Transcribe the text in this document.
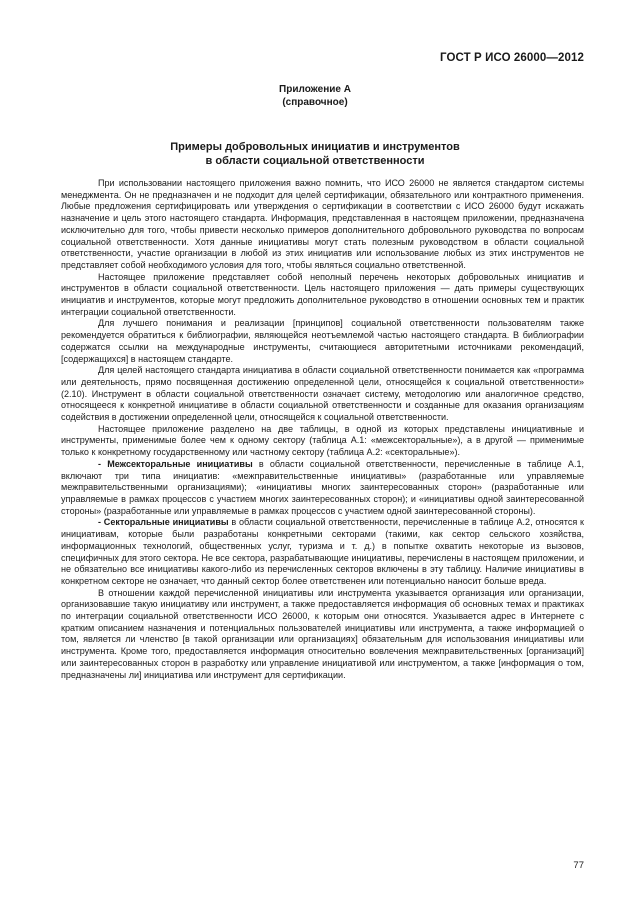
ГОСТ Р ИСО 26000—2012
Приложение А
(справочное)
Примеры добровольных инициатив и инструментов
в области социальной ответственности

При использовании настоящего приложения важно помнить, что ИСО 26000 не является стандартом системы менеджмента. Он не предназначен и не подходит для целей сертификации, обязательного или контрактного применения. Любые предложения сертифицировать или утверждения о сертификации в соответствии с ИСО 26000 будут искажать назначение и цель этого настоящего стандарта. Информация, представленная в настоящем приложении, предназначена исключительно для того, чтобы привести несколько примеров дополнительного добровольного руководства по вопросам социальной ответственности. Хотя данные инициативы могут стать полезным руководством в области социальной ответственности, участие организации в любой из этих инициатив или использование любых из этих инструментов не представляет собой необходимого условия для того, чтобы являться социально ответственной.

Настоящее приложение представляет собой неполный перечень некоторых добровольных инициатив и инструментов в области социальной ответственности. Цель настоящего приложения — дать примеры существующих инициатив и инструментов, которые могут предложить дополнительное руководство в отношении основных тем и практик интеграции социальной ответственности.

Для лучшего понимания и реализации [принципов] социальной ответственности пользователям также рекомендуется обратиться к библиографии, являющейся неотъемлемой частью настоящего стандарта. В библиографии содержатся ссылки на международные инструменты, считающиеся авторитетными источниками рекомендаций, [содержащихся] в настоящем стандарте.

Для целей настоящего стандарта инициатива в области социальной ответственности понимается как «программа или деятельность, прямо посвященная достижению определенной цели, относящейся к социальной ответственности» (2.10). Инструмент в области социальной ответственности означает систему, методологию или аналогичное средство, относящееся к конкретной инициативе в области социальной ответственности и созданные для оказания организациям содействия в достижении определенной цели, относящейся к социальной ответственности.

Настоящее приложение разделено на две таблицы, в одной из которых представлены инициативные и инструменты, применимые более чем к одному сектору (таблица А.1: «межсекторальные»), а в другой — применимые только к конкретному государственному или частному сектору (таблица А.2: «секторальные»).

- Межсекторальные инициативы в области социальной ответственности, перечисленные в таблице А.1, включают три типа инициатив: «межправительственные инициативы» (разработанные или управляемые межправительственными организациями); «инициативы многих заинтересованных сторон» (разработанные или управляемые в рамках процессов с участием многих заинтересованных сторон); и «инициативы одной заинтересованной стороны» (разработанные или управляемые в рамках процессов с участием одной заинтересованной стороны).

- Секторальные инициативы в области социальной ответственности, перечисленные в таблице А.2, относятся к инициативам, которые были разработаны конкретными секторами (такими, как сектор сельского хозяйства, информационных технологий, общественных услуг, туризма и т. д.) в попытке охватить некоторые из вызовов, специфичных для этого сектора. Не все сектора, разрабатывающие инициативы, перечислены в настоящем приложении, и не обязательно все инициативы какого-либо из перечисленных секторов включены в эту таблицу. Наличие инициативы в конкретном секторе не означает, что данный сектор более ответственен или потенциально наносит больше вреда.

В отношении каждой перечисленной инициативы или инструмента указывается организация или организации, организовавшие такую инициативу или инструмент, а также предоставляется информация об основных темах и практиках по интеграции социальной ответственности ИСО 26000, к которым они относятся. Указывается адрес в Интернете с кратким описанием назначения и потенциальных пользователей инициативы или инструмента, а также информацией о том, является ли членство [в такой организации или организациях] обязательным для использования инициативы или инструмента. Кроме того, предоставляется информация относительно вовлечения межправительственных [организаций] или заинтересованных сторон в разработку или управление инициативой или инструментом, а также [информация о том, предназначены ли] инициатива или инструмент для сертификации.

77
